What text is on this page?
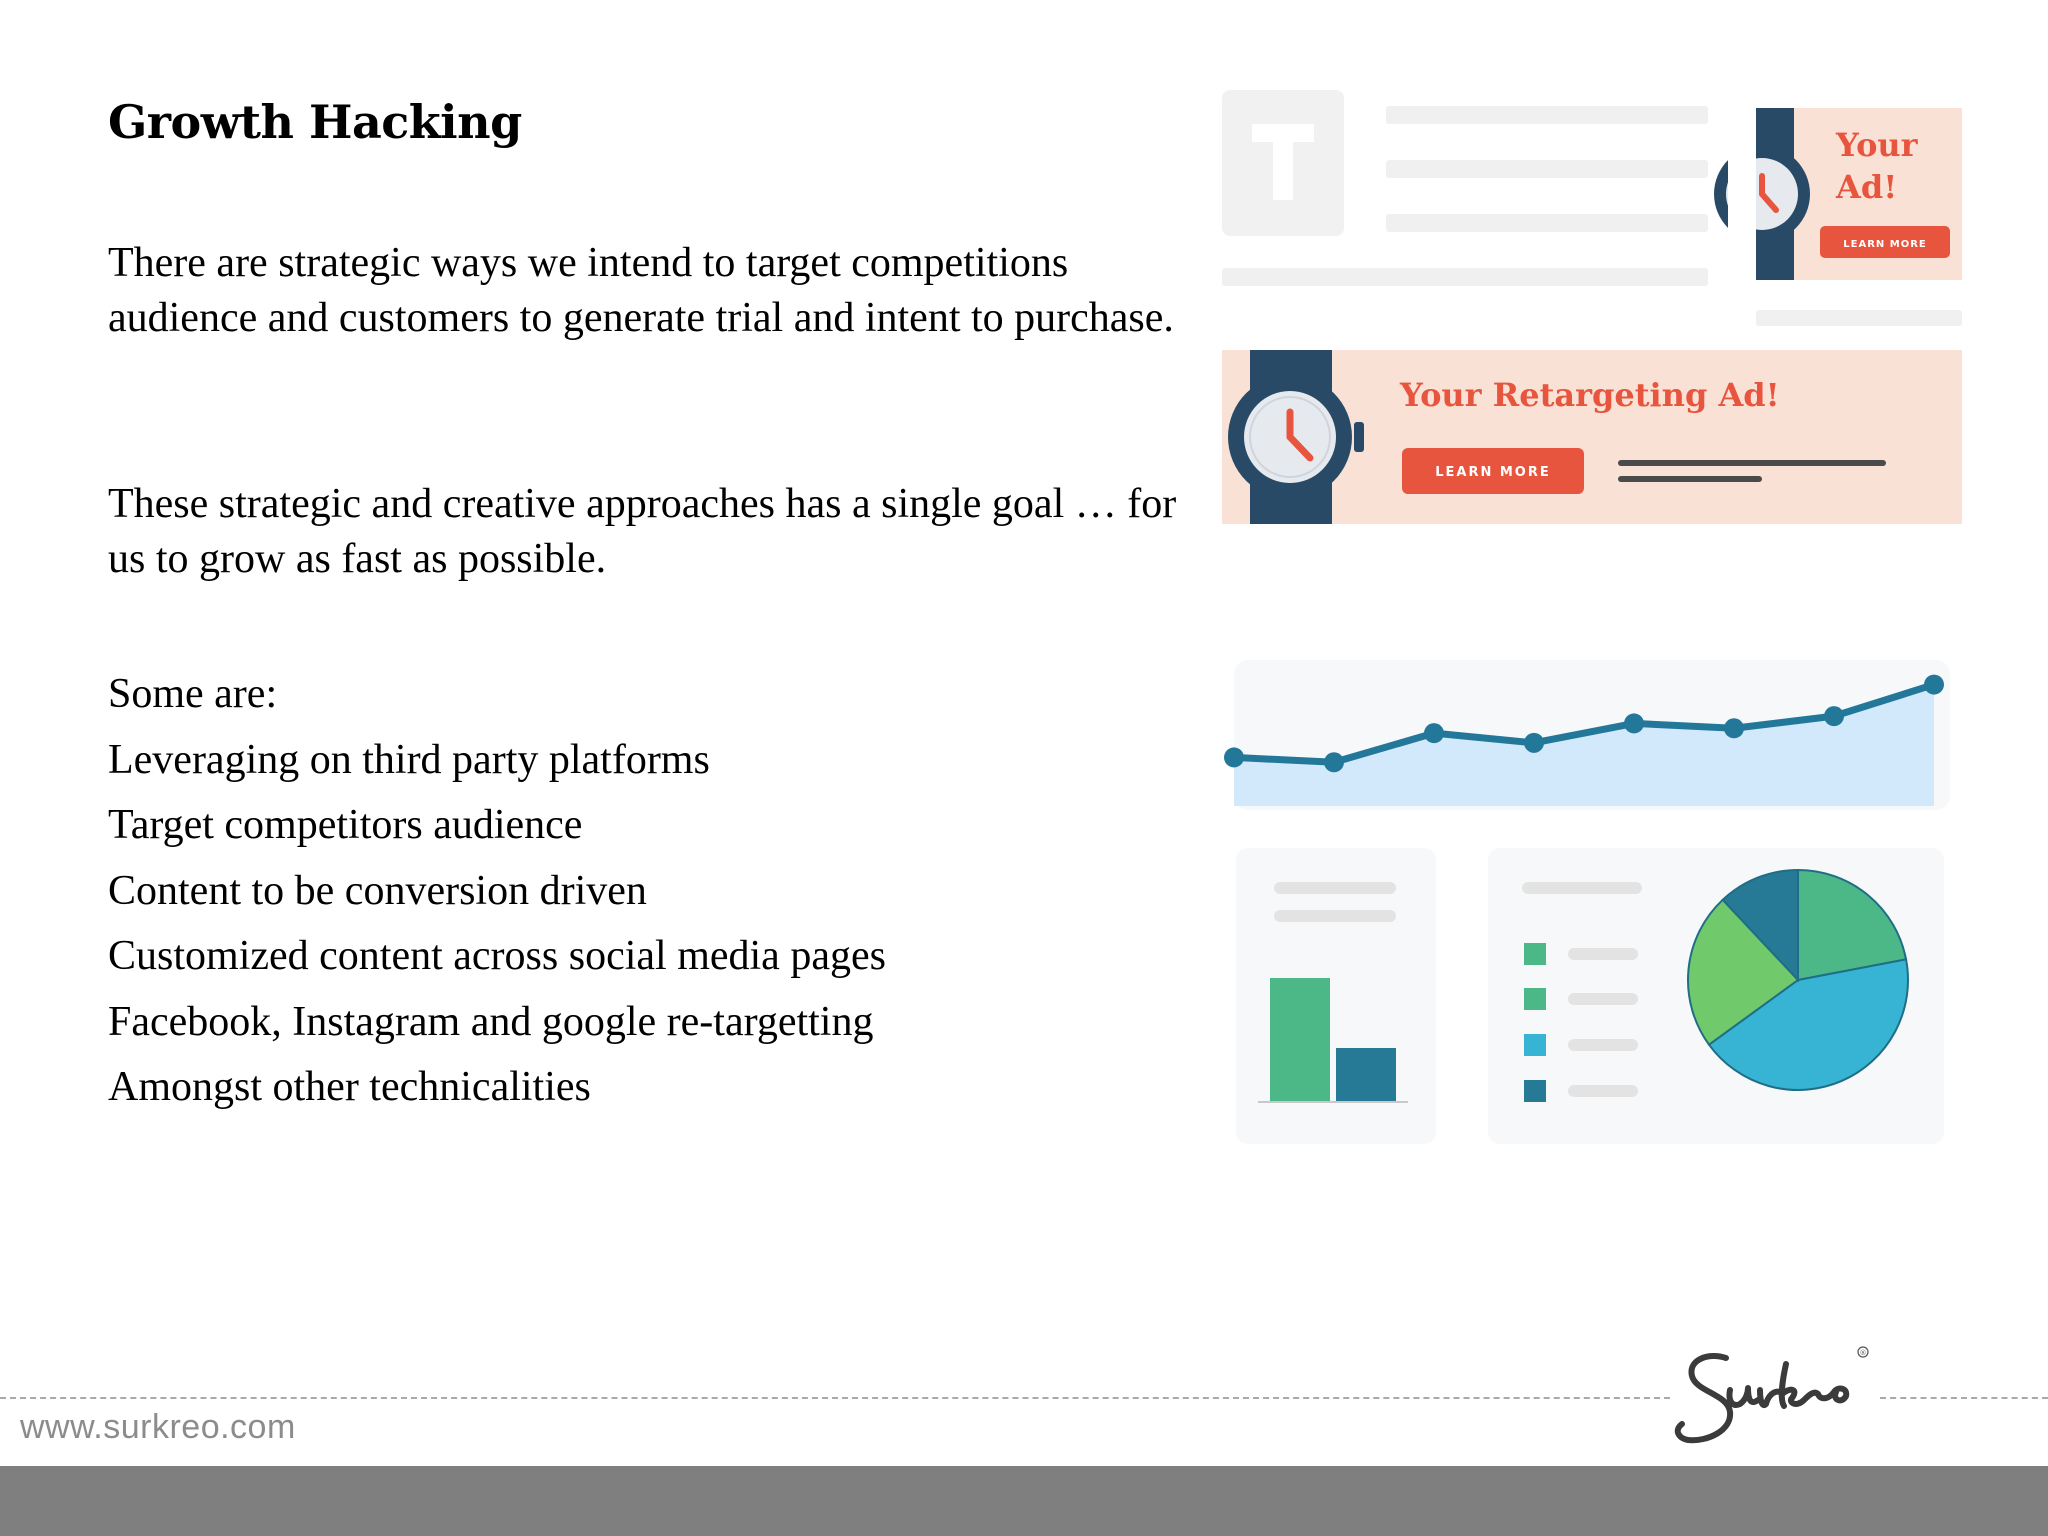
Growth Hacking

There are strategic ways we intend to target competitions audience and customers to generate trial and intent to purchase.

These strategic and creative approaches has a single goal … for us to grow as fast as possible.

Some are:
Leveraging on third party platforms
Target competitors audience
Content to be conversion driven
Customized content across social media pages
Facebook, Instagram and google re-targetting
Amongst other technicalities
Your
Ad!
LEARN MORE
Your Retargeting Ad!
LEARN MORE
www.surkreo.com
®
